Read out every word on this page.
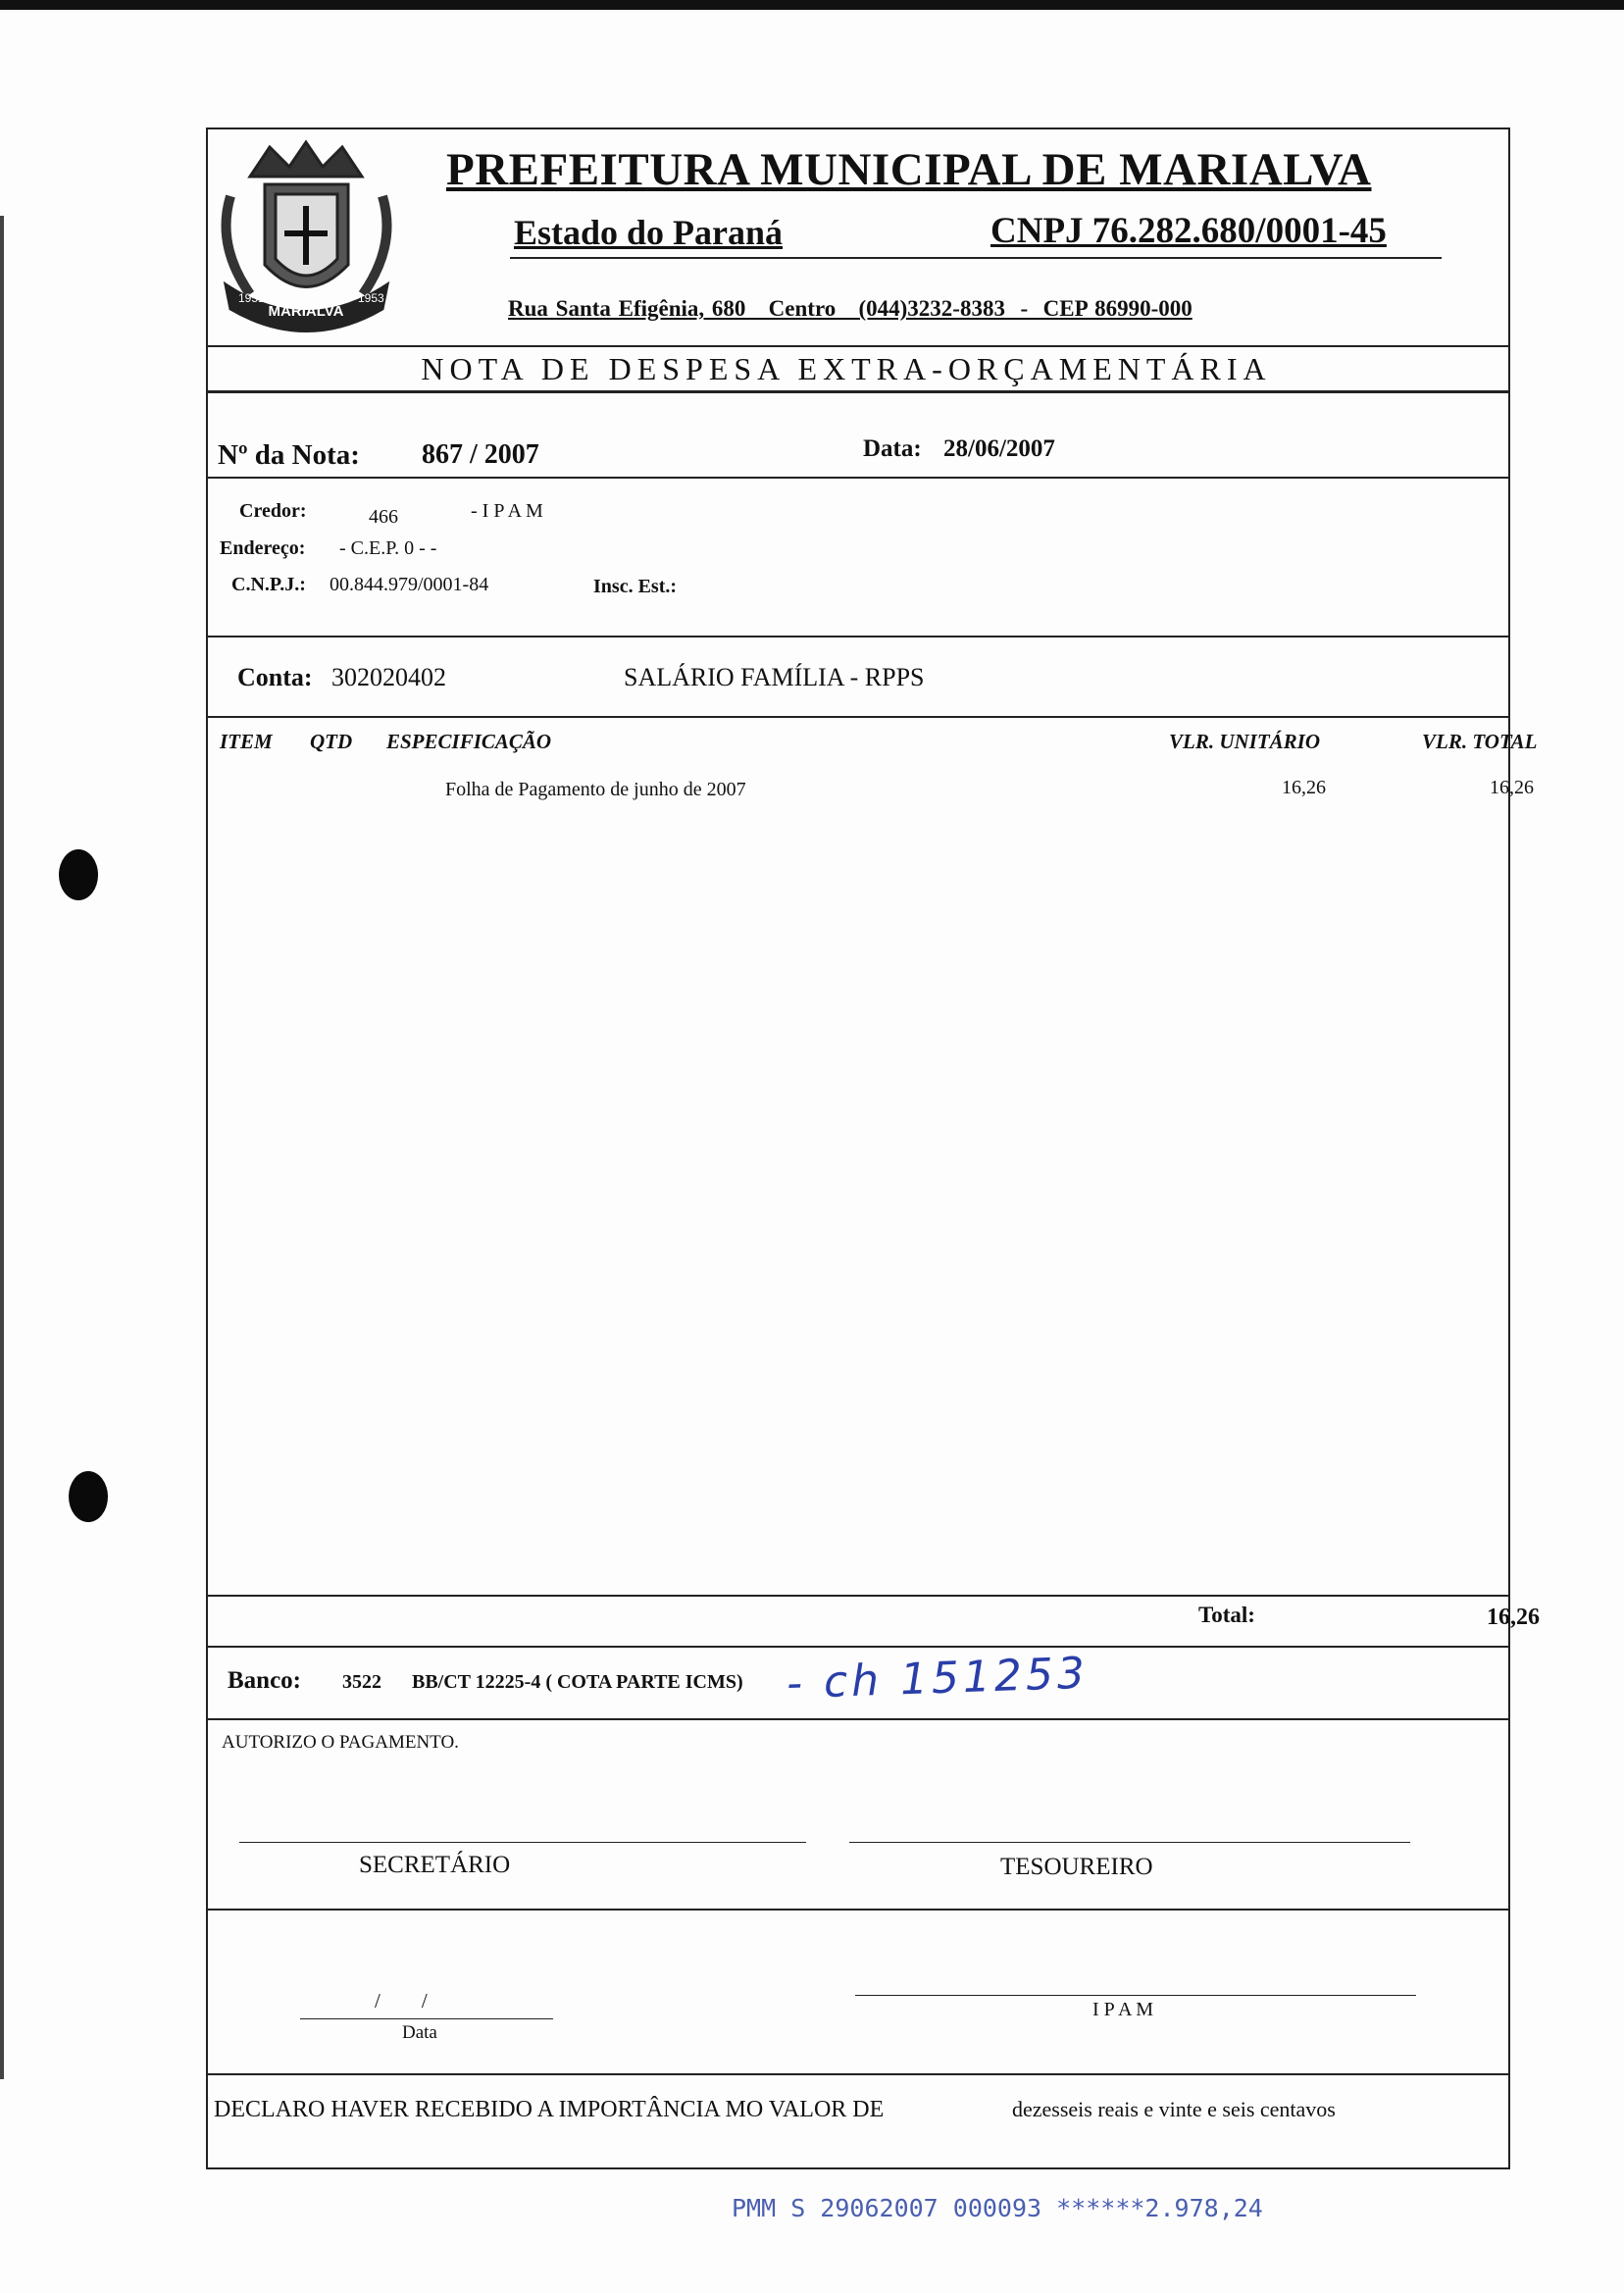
MARIALVA
1951	1953
PREFEITURA MUNICIPAL DE MARIALVA
Estado do Paraná	CNPJ 76.282.680/0001-45
Rua Santa Efigênia, 680   Centro   (044)3232-8383  -  CEP 86990-000
NOTA DE DESPESA EXTRA-ORÇAMENTÁRIA
Nº da Nota: 867 / 2007	Data: 28/06/2007
Credor:	466	- I P A M
Endereço: - C.E.P. 0 - -
C.N.P.J.: 00.844.979/0001-84	Insc. Est.:
Conta: 302020402	SALÁRIO FAMÍLIA - RPPS
ITEM QTD ESPECIFICAÇÃO	VLR. UNITÁRIO	VLR. TOTAL
Folha de Pagamento de junho de 2007	16,26	16,26
Total:	16,26
Banco: 3522 BB/CT 12225-4 ( COTA PARTE ICMS) - ch 151253
AUTORIZO O PAGAMENTO.
SECRETÁRIO	TESOUREIRO
/        /
Data
I P A M
DECLARO HAVER RECEBIDO A IMPORTÂNCIA MO VALOR DE	dezesseis reais e vinte e seis centavos
PMM S 29062007 000093 ******2.978,24
